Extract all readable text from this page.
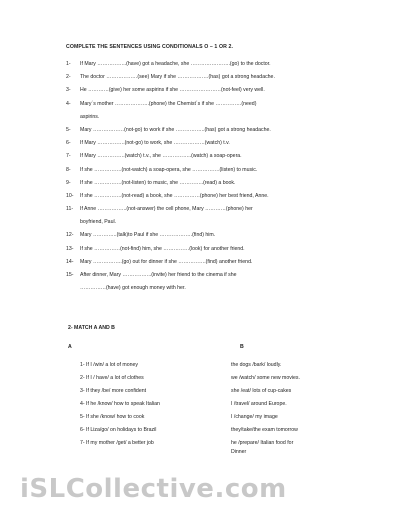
COMPLETE THE SENTENCES USING CONDITIONALS O – 1 OR 2.
1- If Mary ……………..(have) got a headache, she …………………..(go) to the doctor.
2- The doctor ………………(see) Mary if she ………………(has) got a strong headache.
3- He …………(give) her some aspirins if she ……………………(not-feel) very well.
4- Mary´s mother ………………..(phone) the Chemist´s if she ……………(need)
aspirins.
5- Mary ………………(not-go) to work if she ……………..(has) got a strong headache.
6- If Mary …………….(not-go) to work, she ………………(watch) t.v.
7- If Mary …………….(watch) t.v., she ……………..(watch) a soap-opera.
8- If she …………….(not-watch) a soap-opera, she …………….(listen) to music.
9- If she …………….(not-listen) to music, she …………..(read) a book.
10- If she …………….(not-read) a book, she ……………(phone) her best friend, Anne.
11- If Anne ……………..(not-answer) the cell phone, Mary …………(phone) her
boyfriend, Paul.
12- Mary …………..(talk)to Paul if she ……………….(find) him.
13- If she ……………(not-find) him, she ……………(look) for another friend.
14- Mary ……………..(go) out for dinner if she …………….(find) another friend.
15- After dinner, Mary ……………..(invite) her friend to the cinema if she
……………(have) got enough money with her.
2- MATCH A AND B
A	B
1- If I /win/ a lot of money	the dogs /bark/ loudly.
2- If I / have/ a lot of clothes	we /watch/ some new movies.
3- If they /be/ more confident	she /eat/ lots of cup-cakes
4- If he /know/ how to speak Italian	I /travel/ around Europe.
5- If she /know/ how to cook	I /change/ my image
6- If Liza/go/ on holidays to Brazil	they/take/the exam tomorrow
7- If my mother /get/ a better job	he /prepare/ Italian food for
Dinner
iSLCollective.com
